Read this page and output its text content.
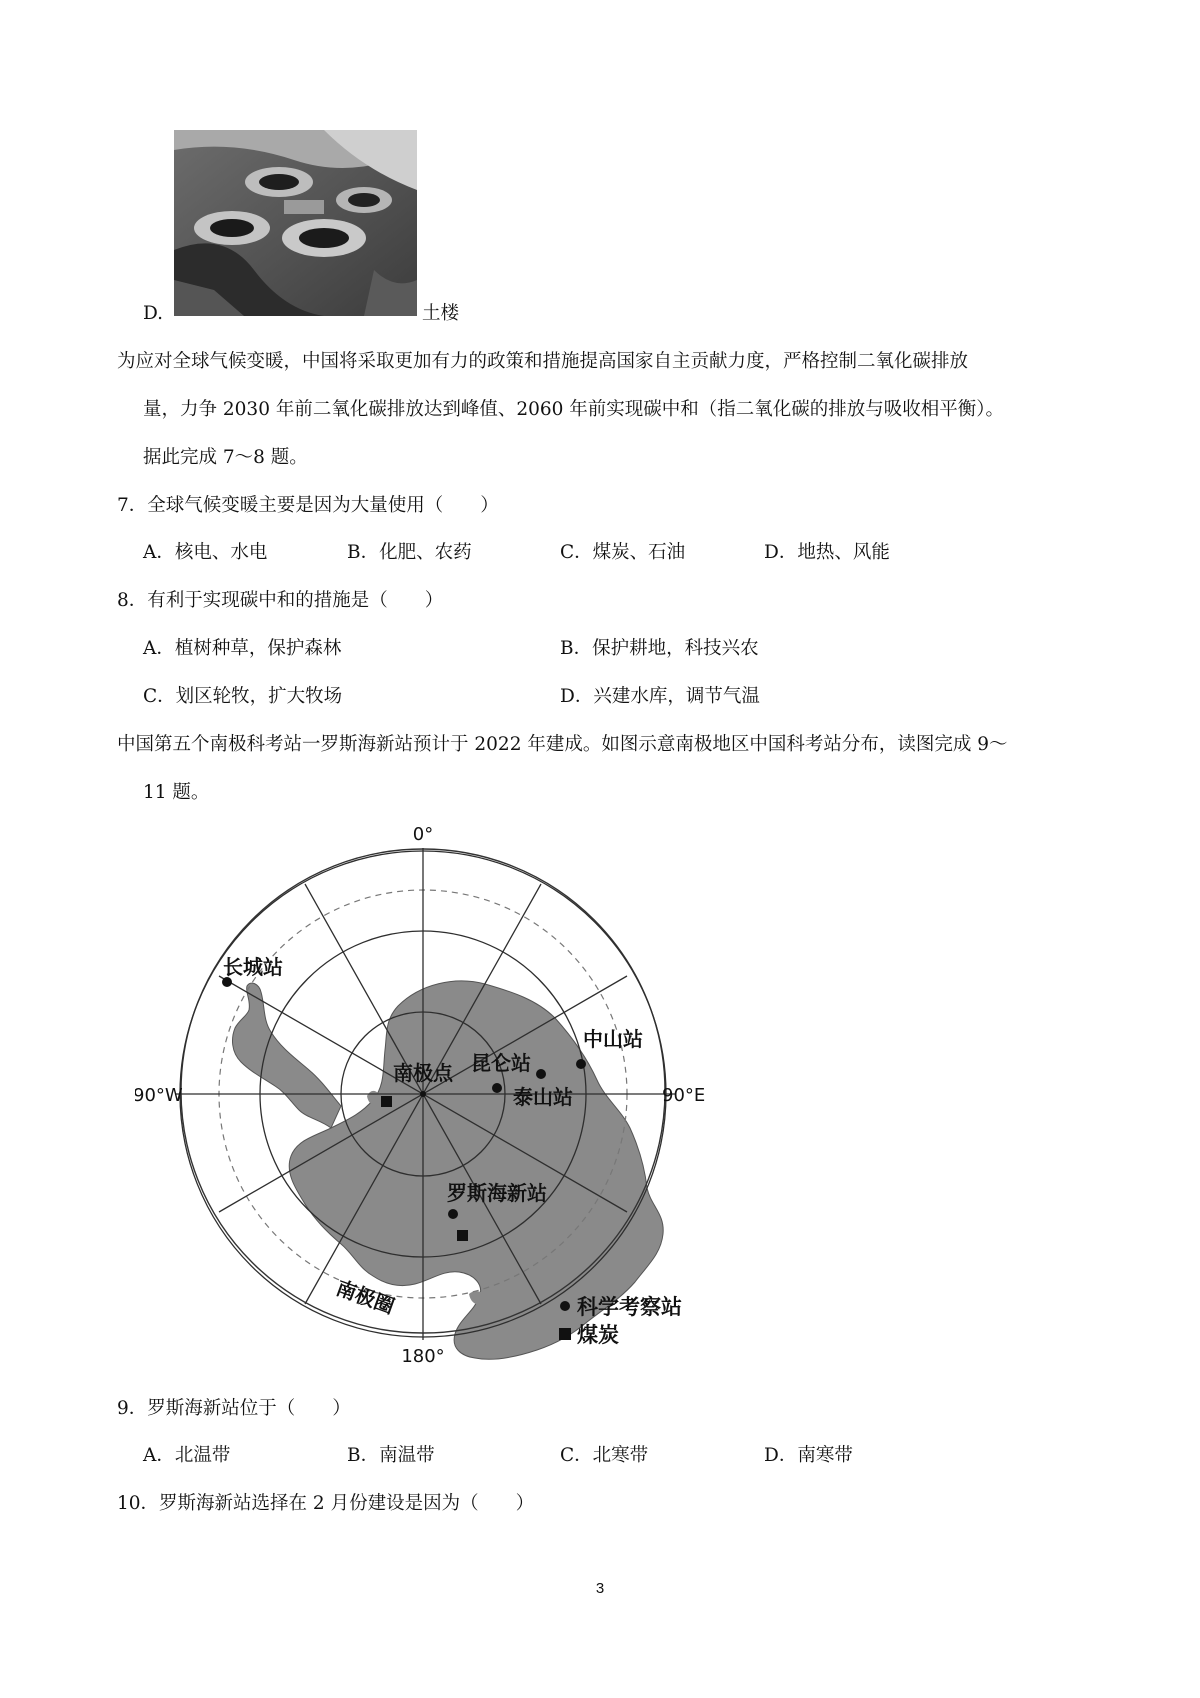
D.	土楼
为应对全球气候变暖，中国将采取更加有力的政策和措施提高国家自主贡献力度，严格控制二氧化碳排放
量，力争 2030 年前二氧化碳排放达到峰值、2060 年前实现碳中和（指二氧化碳的排放与吸收相平衡）。
据此完成 7～8 题。
7．全球气候变暖主要是因为大量使用（　　）
A．核电、水电	B．化肥、农药	C．煤炭、石油	D．地热、风能
8．有利于实现碳中和的措施是（　　）
A．植树种草，保护森林	B．保护耕地，科技兴农
C．划区轮牧，扩大牧场	D．兴建水库，调节气温
中国第五个南极科考站一罗斯海新站预计于 2022 年建成。如图示意南极地区中国科考站分布，读图完成 9～
11 题。
0°
90°W	90°E
180°
长城站
昆仑站
泰山站
中山站
罗斯海新站
南极点
南极圈	科学考察站
煤炭
9．罗斯海新站位于（　　）
A．北温带	B．南温带	C．北寒带	D．南寒带
10．罗斯海新站选择在 2 月份建设是因为（　　）
3
